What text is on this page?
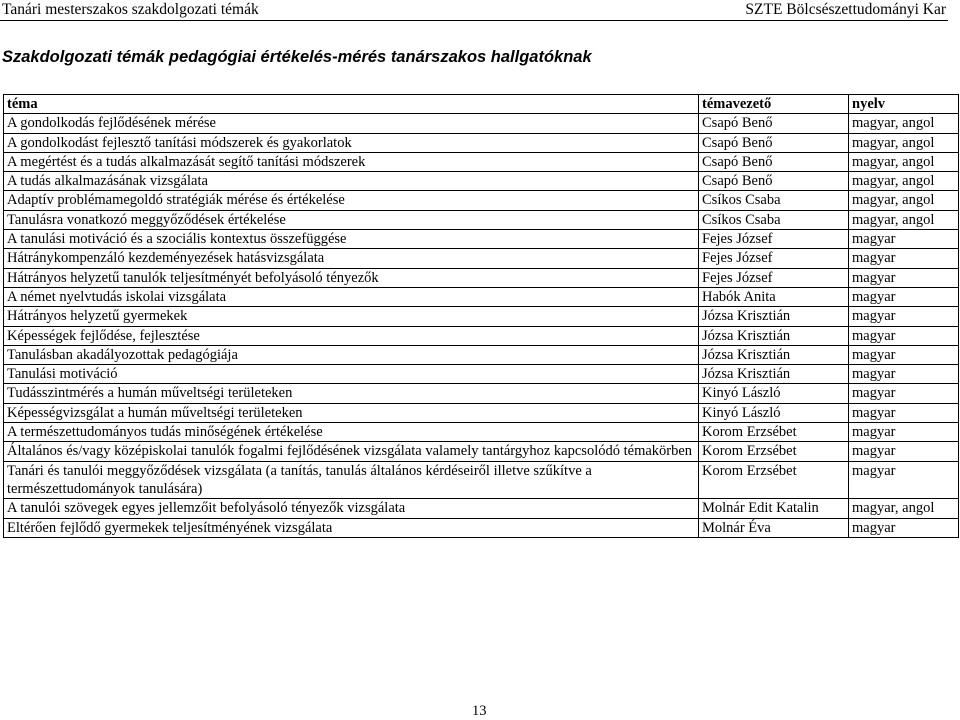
Tanári mesterszakos szakdolgozati témák	SZTE Bölcsészettudományi Kar
Szakdolgozati témák pedagógiai értékelés-mérés tanárszakos hallgatóknak
téma	témavezető	nyelv
A gondolkodás fejlődésének mérése	Csapó Benő	magyar, angol
A gondolkodást fejlesztő tanítási módszerek és gyakorlatok	Csapó Benő	magyar, angol
A megértést és a tudás alkalmazását segítő tanítási módszerek	Csapó Benő	magyar, angol
A tudás alkalmazásának vizsgálata	Csapó Benő	magyar, angol
Adaptív problémamegoldó stratégiák mérése és értékelése	Csíkos Csaba	magyar, angol
Tanulásra vonatkozó meggyőződések értékelése	Csíkos Csaba	magyar, angol
A tanulási motiváció és a szociális kontextus összefüggése	Fejes József	magyar
Hátránykompenzáló kezdeményezések hatásvizsgálata	Fejes József	magyar
Hátrányos helyzetű tanulók teljesítményét befolyásoló tényezők	Fejes József	magyar
A német nyelvtudás iskolai vizsgálata	Habók Anita	magyar
Hátrányos helyzetű gyermekek	Józsa Krisztián	magyar
Képességek fejlődése, fejlesztése	Józsa Krisztián	magyar
Tanulásban akadályozottak pedagógiája	Józsa Krisztián	magyar
Tanulási motiváció	Józsa Krisztián	magyar
Tudásszintmérés a humán műveltségi területeken	Kinyó László	magyar
Képességvizsgálat a humán műveltségi területeken	Kinyó László	magyar
A természettudományos tudás minőségének értékelése	Korom Erzsébet	magyar
Általános és/vagy középiskolai tanulók fogalmi fejlődésének vizsgálata valamely tantárgyhoz kapcsolódó témakörben	Korom Erzsébet	magyar
Tanári és tanulói meggyőződések vizsgálata (a tanítás, tanulás általános kérdéseiről illetve szűkítve a természettudományok tanulására)	Korom Erzsébet	magyar
A tanulói szövegek egyes jellemzőit befolyásoló tényezők vizsgálata	Molnár Edit Katalin	magyar, angol
Eltérően fejlődő gyermekek teljesítményének vizsgálata	Molnár Éva	magyar
13
